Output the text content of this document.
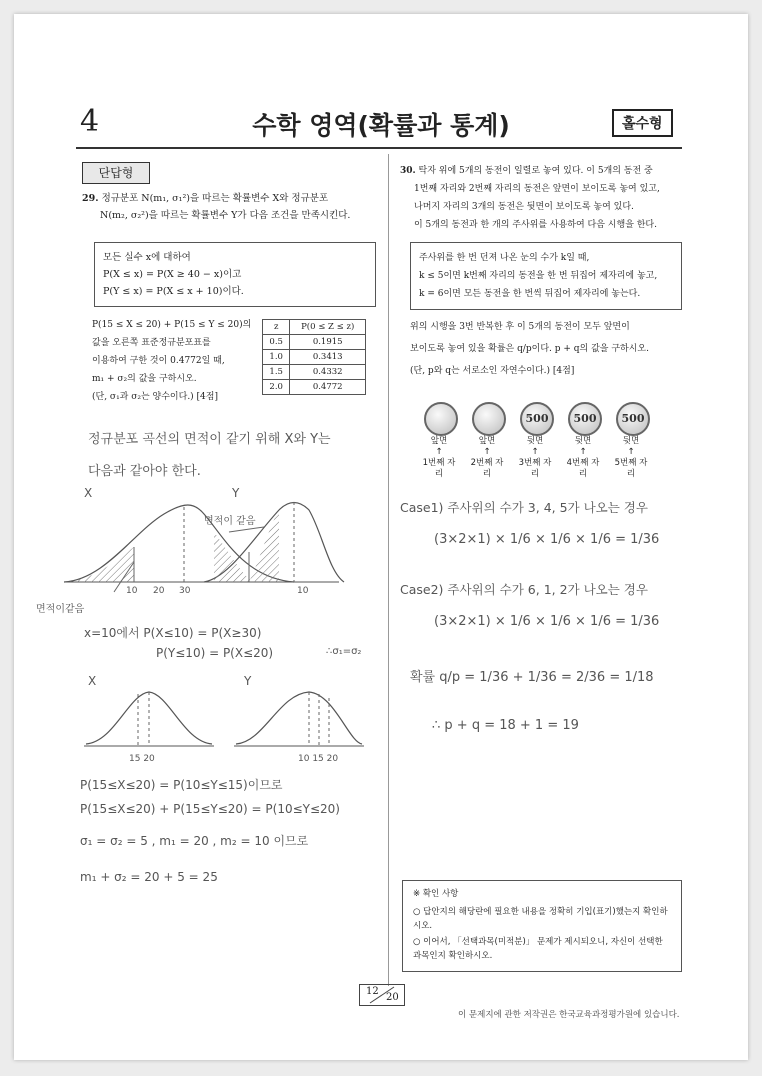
4	수학 영역(확률과 통계)	홀수형
단답형
29. 정규분포 N(m₁, σ₁²)을 따르는 확률변수 X와 정규분포
N(m₂, σ₂²)을 따르는 확률변수 Y가 다음 조건을 만족시킨다.
모든 실수 x에 대하여
P(X ≤ x) = P(X ≥ 40 − x)이고
P(Y ≤ x) = P(X ≤ x + 10)이다.
P(15 ≤ X ≤ 20) + P(15 ≤ Y ≤ 20)의
값을 오른쪽 표준정규분포표를
이용하여 구한 것이 0.4772일 때,
m₁ + σ₂의 값을 구하시오.
(단, σ₁과 σ₂는 양수이다.) [4점]
z	P(0 ≤ Z ≤ z)
0.5	0.1915
1.0	0.3413
1.5	0.4332
2.0	0.4772
정규분포 곡선의 면적이 같기 위해 X와 Y는
다음과 같아야 한다.
X	Y
면적이 같음
10 20 30	10
면적이같음
x=10에서 P(X≤10) = P(X≥30)
P(Y≤10) = P(X≤20)	∴σ₁=σ₂
X	Y
15 20	10 15 20
P(15≤X≤20) = P(10≤Y≤15)이므로
P(15≤X≤20) + P(15≤Y≤20) = P(10≤Y≤20)
σ₁ = σ₂ = 5 , m₁ = 20 , m₂ = 10 이므로
m₁ + σ₂ = 20 + 5 = 25
30. 탁자 위에 5개의 동전이 일렬로 놓여 있다. 이 5개의 동전 중
1번째 자리와 2번째 자리의 동전은 앞면이 보이도록 놓여 있고,
나머지 자리의 3개의 동전은 뒷면이 보이도록 놓여 있다.
이 5개의 동전과 한 개의 주사위를 사용하여 다음 시행을 한다.
주사위를 한 번 던져 나온 눈의 수가 k일 때,
k ≤ 5이면 k번째 자리의 동전을 한 번 뒤집어 제자리에 놓고,
k = 6이면 모든 동전을 한 번씩 뒤집어 제자리에 놓는다.
위의 시행을 3번 반복한 후 이 5개의 동전이 모두 앞면이
보이도록 놓여 있을 확률은 q/p이다. p + q의 값을 구하시오.
(단, p와 q는 서로소인 자연수이다.) [4점]
앞면
↑
1번째 자리
앞면
↑
2번째 자리
500
뒷면
↑
3번째 자리
500
뒷면
↑
4번째 자리
500
뒷면
↑
5번째 자리
Case1) 주사위의 수가 3, 4, 5가 나오는 경우
(3×2×1) × 1/6 × 1/6 × 1/6 = 1/36
Case2) 주사위의 수가 6, 1, 2가 나오는 경우
(3×2×1) × 1/6 × 1/6 × 1/6 = 1/36
확률 q/p = 1/36 + 1/36 = 2/36 = 1/18
∴ p + q = 18 + 1 = 19
※ 확인 사항
○ 답안지의 해당란에 필요한 내용을 정확히 기입(표기)했는지 확인하시오.
○ 이어서, 「선택과목(미적분)」 문제가 제시되오니, 자신이 선택한 과목인지 확인하시오.
12
20
이 문제지에 관한 저작권은 한국교육과정평가원에 있습니다.
